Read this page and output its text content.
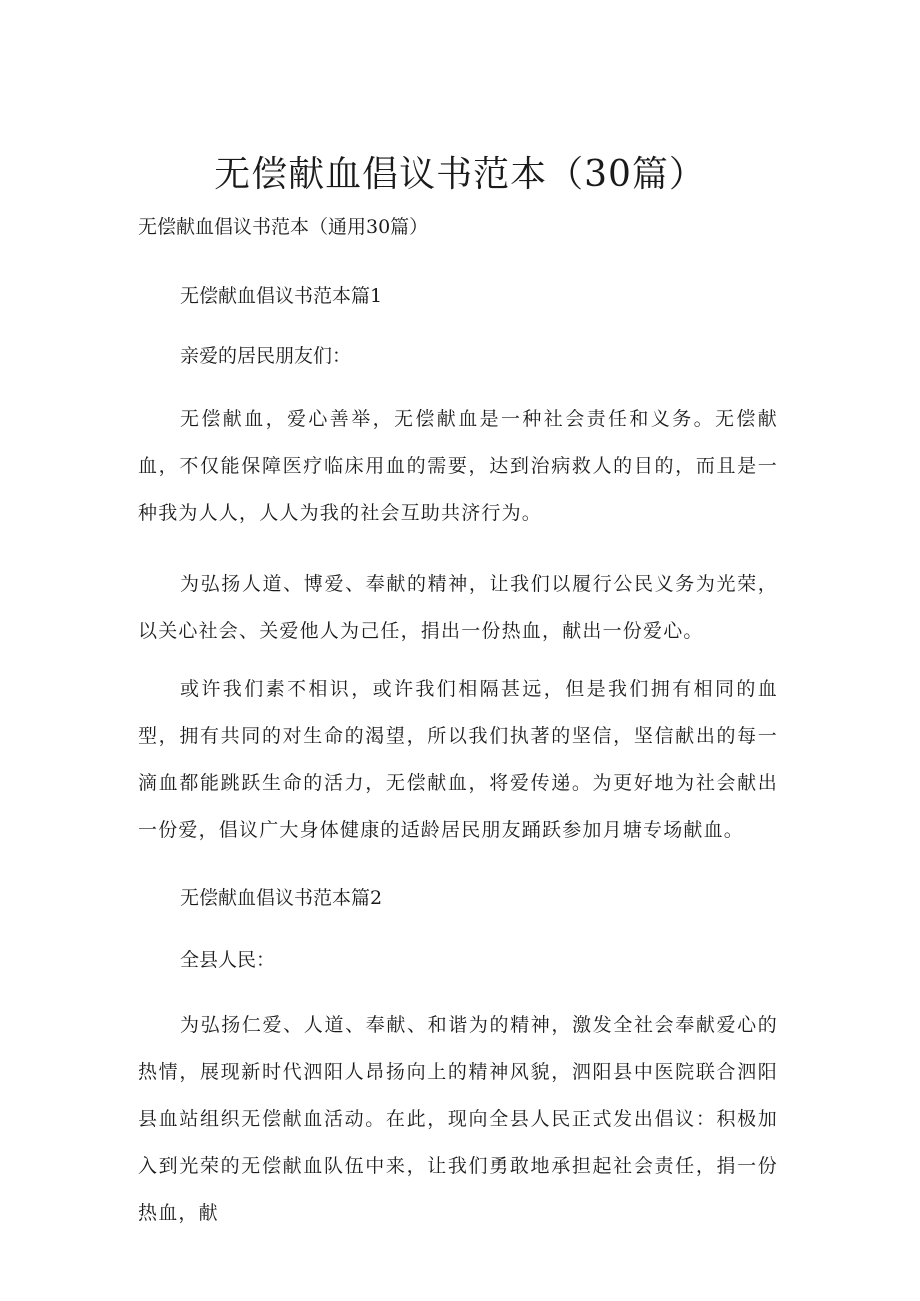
无偿献血倡议书范本（30篇）

无偿献血倡议书范本（通用30篇）

无偿献血倡议书范本篇1

亲爱的居民朋友们：

无偿献血，爱心善举，无偿献血是一种社会责任和义务。无偿献血，不仅能保障医疗临床用血的需要，达到治病救人的目的，而且是一种我为人人，人人为我的社会互助共济行为。

为弘扬人道、博爱、奉献的精神，让我们以履行公民义务为光荣，以关心社会、关爱他人为己任，捐出一份热血，献出一份爱心。

或许我们素不相识，或许我们相隔甚远，但是我们拥有相同的血型，拥有共同的对生命的渴望，所以我们执著的坚信，坚信献出的每一滴血都能跳跃生命的活力，无偿献血，将爱传递。为更好地为社会献出一份爱，倡议广大身体健康的适龄居民朋友踊跃参加月塘专场献血。

无偿献血倡议书范本篇2

全县人民：

为弘扬仁爱、人道、奉献、和谐为的精神，激发全社会奉献爱心的热情，展现新时代泗阳人昂扬向上的精神风貌，泗阳县中医院联合泗阳县血站组织无偿献血活动。在此，现向全县人民正式发出倡议：积极加入到光荣的无偿献血队伍中来，让我们勇敢地承担起社会责任，捐一份热血，献
